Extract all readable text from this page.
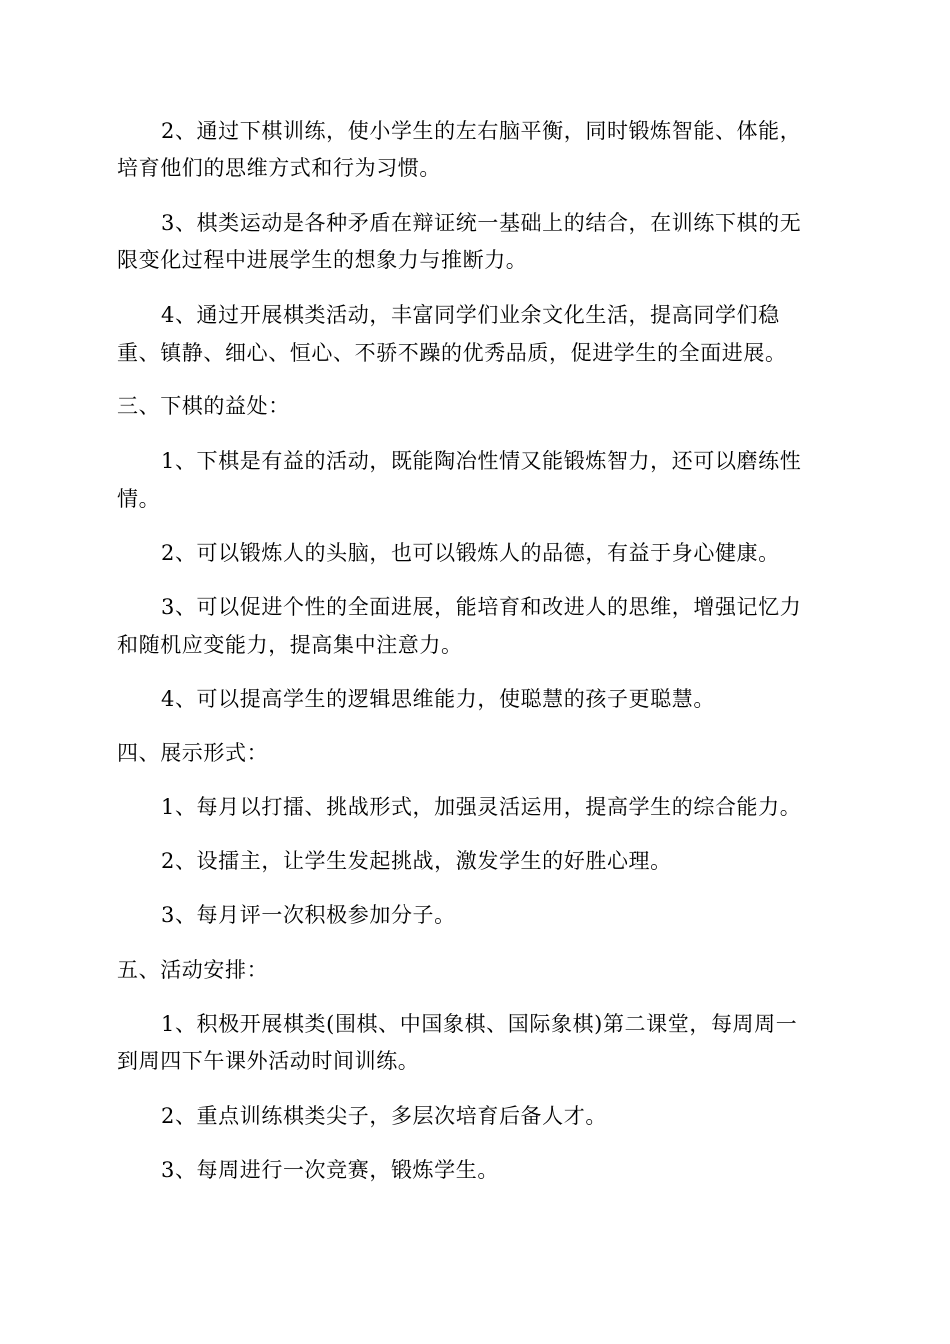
2、通过下棋训练，使小学生的左右脑平衡，同时锻炼智能、体能，
培育他们的思维方式和行为习惯。
3、棋类运动是各种矛盾在辩证统一基础上的结合，在训练下棋的无
限变化过程中进展学生的想象力与推断力。
4、通过开展棋类活动，丰富同学们业余文化生活，提高同学们稳
重、镇静、细心、恒心、不骄不躁的优秀品质，促进学生的全面进展。
三、下棋的益处：
1、下棋是有益的活动，既能陶冶性情又能锻炼智力，还可以磨练性
情。
2、可以锻炼人的头脑，也可以锻炼人的品德，有益于身心健康。
3、可以促进个性的全面进展，能培育和改进人的思维，增强记忆力
和随机应变能力，提高集中注意力。
4、可以提高学生的逻辑思维能力，使聪慧的孩子更聪慧。
四、展示形式：
1、每月以打擂、挑战形式，加强灵活运用，提高学生的综合能力。
2、设擂主，让学生发起挑战，激发学生的好胜心理。
3、每月评一次积极参加分子。
五、活动安排：
1、积极开展棋类(围棋、中国象棋、国际象棋)第二课堂，每周周一
到周四下午课外活动时间训练。
2、重点训练棋类尖子，多层次培育后备人才。
3、每周进行一次竞赛，锻炼学生。
